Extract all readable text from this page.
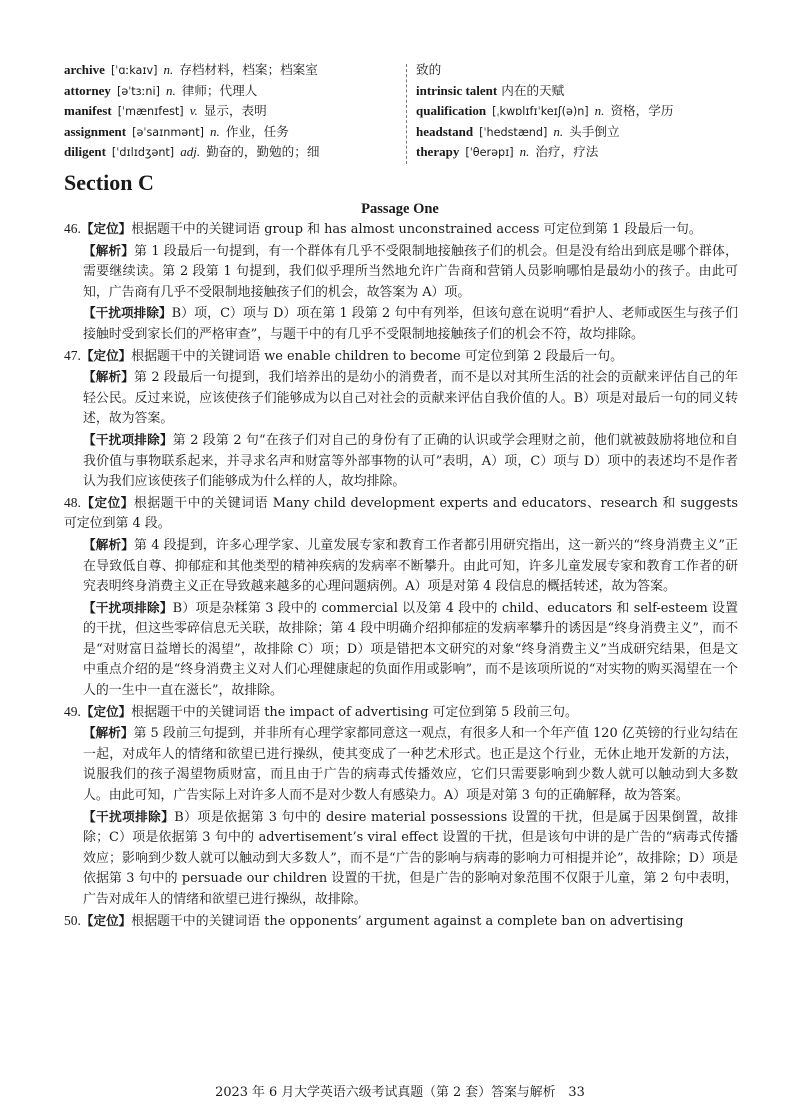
archive [ˈɑːkaɪv] n. 存档材料，档案；档案室
attorney [əˈtɜːni] n. 律师；代理人
manifest [ˈmænɪfest] v. 显示，表明
assignment [əˈsaɪnmənt] n. 作业，任务
diligent [ˈdɪlɪdʒənt] adj. 勤奋的，勤勉的；细
致的
intrinsic talent 内在的天赋
qualification [ˌkwɒlɪfɪˈkeɪʃ(ə)n] n. 资格，学历
headstand [ˈhedstænd] n. 头手倒立
therapy [ˈθerəpɪ] n. 治疗，疗法
Section C
Passage One

46.【定位】根据题干中的关键词语 group 和 has almost unconstrained access 可定位到第 1 段最后一句。

【解析】第 1 段最后一句提到，有一个群体有几乎不受限制地接触孩子们的机会。但是没有给出到底是哪个群体，需要继续读。第 2 段第 1 句提到，我们似乎理所当然地允许广告商和营销人员影响哪怕是最幼小的孩子。由此可知，广告商有几乎不受限制地接触孩子们的机会，故答案为 A）项。

【干扰项排除】B）项，C）项与 D）项在第 1 段第 2 句中有列举，但该句意在说明“看护人、老师或医生与孩子们接触时受到家长们的严格审查”，与题干中的有几乎不受限制地接触孩子们的机会不符，故均排除。

47.【定位】根据题干中的关键词语 we enable children to become 可定位到第 2 段最后一句。

【解析】第 2 段最后一句提到，我们培养出的是幼小的消费者，而不是以对其所生活的社会的贡献来评估自己的年轻公民。反过来说，应该使孩子们能够成为以自己对社会的贡献来评估自我价值的人。B）项是对最后一句的同义转述，故为答案。

【干扰项排除】第 2 段第 2 句“在孩子们对自己的身份有了正确的认识或学会理财之前，他们就被鼓励将地位和自我价值与事物联系起来，并寻求名声和财富等外部事物的认可”表明，A）项，C）项与 D）项中的表述均不是作者认为我们应该使孩子们能够成为什么样的人，故均排除。

48.【定位】根据题干中的关键词语 Many child development experts and educators、research 和 suggests 可定位到第 4 段。

【解析】第 4 段提到，许多心理学家、儿童发展专家和教育工作者都引用研究指出，这一新兴的“终身消费主义”正在导致低自尊、抑郁症和其他类型的精神疾病的发病率不断攀升。由此可知，许多儿童发展专家和教育工作者的研究表明终身消费主义正在导致越来越多的心理问题病例。A）项是对第 4 段信息的概括转述，故为答案。

【干扰项排除】B）项是杂糅第 3 段中的 commercial 以及第 4 段中的 child、educators 和 self-esteem 设置的干扰，但这些零碎信息无关联，故排除；第 4 段中明确介绍抑郁症的发病率攀升的诱因是“终身消费主义”，而不是“对财富日益增长的渴望”，故排除 C）项；D）项是错把本文研究的对象“终身消费主义”当成研究结果，但是文中重点介绍的是“终身消费主义对人们心理健康起的负面作用或影响”，而不是该项所说的“对实物的购买渴望在一个人的一生中一直在滋长”，故排除。

49.【定位】根据题干中的关键词语 the impact of advertising 可定位到第 5 段前三句。

【解析】第 5 段前三句提到，并非所有心理学家都同意这一观点，有很多人和一个年产值 120 亿英镑的行业勾结在一起，对成年人的情绪和欲望已进行操纵，使其变成了一种艺术形式。也正是这个行业，无休止地开发新的方法，说服我们的孩子渴望物质财富，而且由于广告的病毒式传播效应，它们只需要影响到少数人就可以触动到大多数人。由此可知，广告实际上对许多人而不是对少数人有感染力。A）项是对第 3 句的正确解释，故为答案。

【干扰项排除】B）项是依据第 3 句中的 desire material possessions 设置的干扰，但是属于因果倒置，故排除；C）项是依据第 3 句中的 advertisement’s viral effect 设置的干扰，但是该句中讲的是广告的“病毒式传播效应；影响到少数人就可以触动到大多数人”，而不是“广告的影响与病毒的影响力可相提并论”，故排除；D）项是依据第 3 句中的 persuade our children 设置的干扰，但是广告的影响对象范围不仅限于儿童，第 2 句中表明，广告对成年人的情绪和欲望已进行操纵，故排除。

50.【定位】根据题干中的关键词语 the opponents’ argument against a complete ban on advertising

2023 年 6 月大学英语六级考试真题（第 2 套）答案与解析　33
